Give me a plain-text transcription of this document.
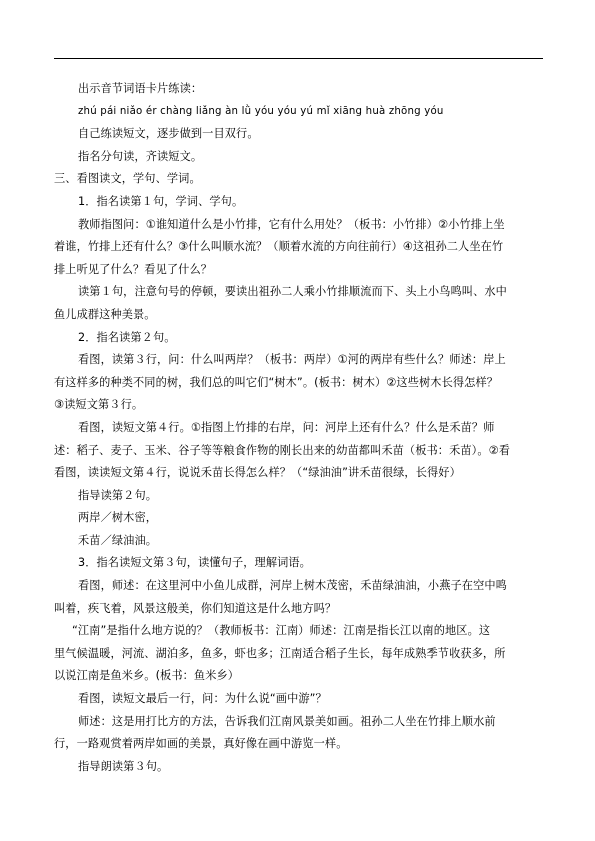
出示音节词语卡片练读：
zhú pái niǎo ér chàng liǎng àn lǜ yóu yóu yú mǐ xiāng huà zhōng yóu
自己练读短文，逐步做到一目双行。
指名分句读，齐读短文。
三、看图读文，学句、学词。
1．指名读第１句，学词、学句。
教师指图问：①谁知道什么是小竹排，它有什么用处？（板书：小竹排）②小竹排上坐
着谁，竹排上还有什么？③什么叫顺水流？（顺着水流的方向往前行）④这祖孙二人坐在竹
排上听见了什么？看见了什么？
读第１句，注意句号的停顿，要读出祖孙二人乘小竹排顺流而下、头上小鸟鸣叫、水中
鱼儿成群这种美景。
2．指名读第２句。
看图，读第３行，问：什么叫两岸？（板书：两岸）①河的两岸有些什么？师述：岸上
有这样多的种类不同的树，我们总的叫它们“树木”。(板书：树木）②这些树木长得怎样？
③读短文第３行。
看图，读短文第４行。①指图上竹排的右岸，问：河岸上还有什么？什么是禾苗？师
述：稻子、麦子、玉米、谷子等等粮食作物的刚长出来的幼苗都叫禾苗（板书：禾苗）。②看
看图，读读短文第４行，说说禾苗长得怎么样？（“绿油油”讲禾苗很绿，长得好）
指导读第２句。
两岸／树木密，
禾苗／绿油油。
3．指名读短文第３句，读懂句子，理解词语。
看图，师述：在这里河中小鱼儿成群，河岸上树木茂密，禾苗绿油油，小燕子在空中鸣
叫着，疾飞着，风景这般美，你们知道这是什么地方吗？
“江南”是指什么地方说的？（教师板书：江南）师述：江南是指长江以南的地区。这
里气候温暖，河流、湖泊多，鱼多，虾也多；江南适合稻子生长，每年成熟季节收获多，所
以说江南是鱼米乡。(板书：鱼米乡）
看图，读短文最后一行，问：为什么说“画中游”？
师述：这是用打比方的方法，告诉我们江南风景美如画。祖孙二人坐在竹排上顺水前
行，一路观赏着两岸如画的美景，真好像在画中游览一样。
指导朗读第３句。
